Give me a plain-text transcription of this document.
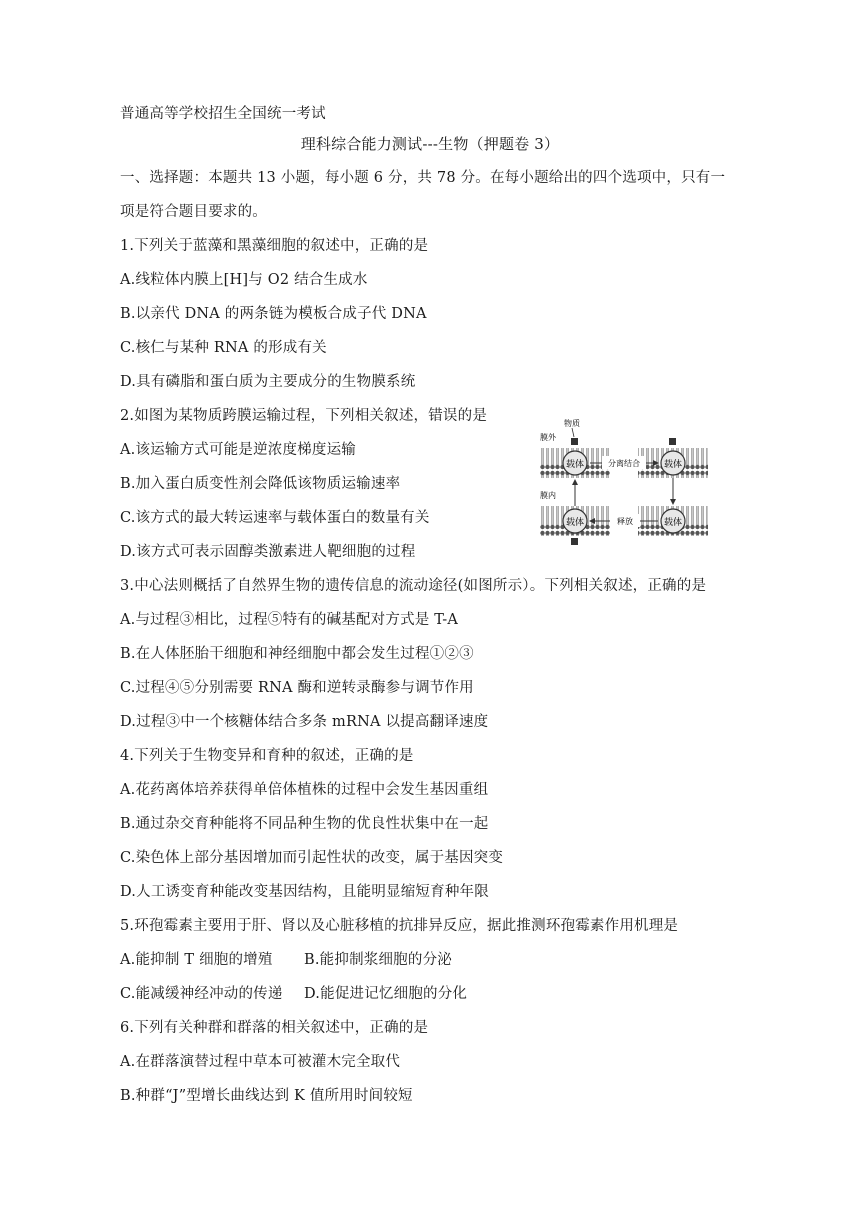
普通高等学校招生全国统一考试
理科综合能力测试---生物（押题卷 3）
一、选择题：本题共 13 小题，每小题 6 分，共 78 分。在每小题给出的四个选项中，只有一
项是符合题目要求的。
1.下列关于蓝藻和黑藻细胞的叙述中，正确的是
A.线粒体内膜上[H]与 O2 结合生成水
B.以亲代 DNA 的两条链为模板合成子代 DNA
C.核仁与某种 RNA 的形成有关
D.具有磷脂和蛋白质为主要成分的生物膜系统
2.如图为某物质跨膜运输过程，下列相关叙述，错误的是
A.该运输方式可能是逆浓度梯度运输
B.加入蛋白质变性剂会降低该物质运输速率
C.该方式的最大转运速率与载体蛋白的数量有关
D.该方式可表示固醇类激素进人靶细胞的过程
载体	载体
载体	载体
物质
膜外
膜内
分离结合
释放
3.中心法则概括了自然界生物的遗传信息的流动途径(如图所示）。下列相关叙述，正确的是
A.与过程③相比，过程⑤特有的碱基配对方式是 T-A
B.在人体胚胎干细胞和神经细胞中都会发生过程①②③
C.过程④⑤分别需要 RNA 酶和逆转录酶参与调节作用
D.过程③中一个核糖体结合多条 mRNA 以提高翻译速度
4.下列关于生物变异和育种的叙述，正确的是
A.花药离体培养获得单倍体植株的过程中会发生基因重组
B.通过杂交育种能将不同品种生物的优良性状集中在一起
C.染色体上部分基因增加而引起性状的改变，属于基因突变
D.人工诱变育种能改变基因结构，且能明显缩短育种年限
5.环孢霉素主要用于肝、肾以及心脏移植的抗排异反应，据此推测环孢霉素作用机理是
A.能抑制 T 细胞的增殖 B.能抑制浆细胞的分泌
C.能减缓神经冲动的传递 D.能促进记忆细胞的分化
6.下列有关种群和群落的相关叙述中，正确的是
A.在群落演替过程中草本可被灌木完全取代
B.种群“J”型增长曲线达到 K 值所用时间较短
